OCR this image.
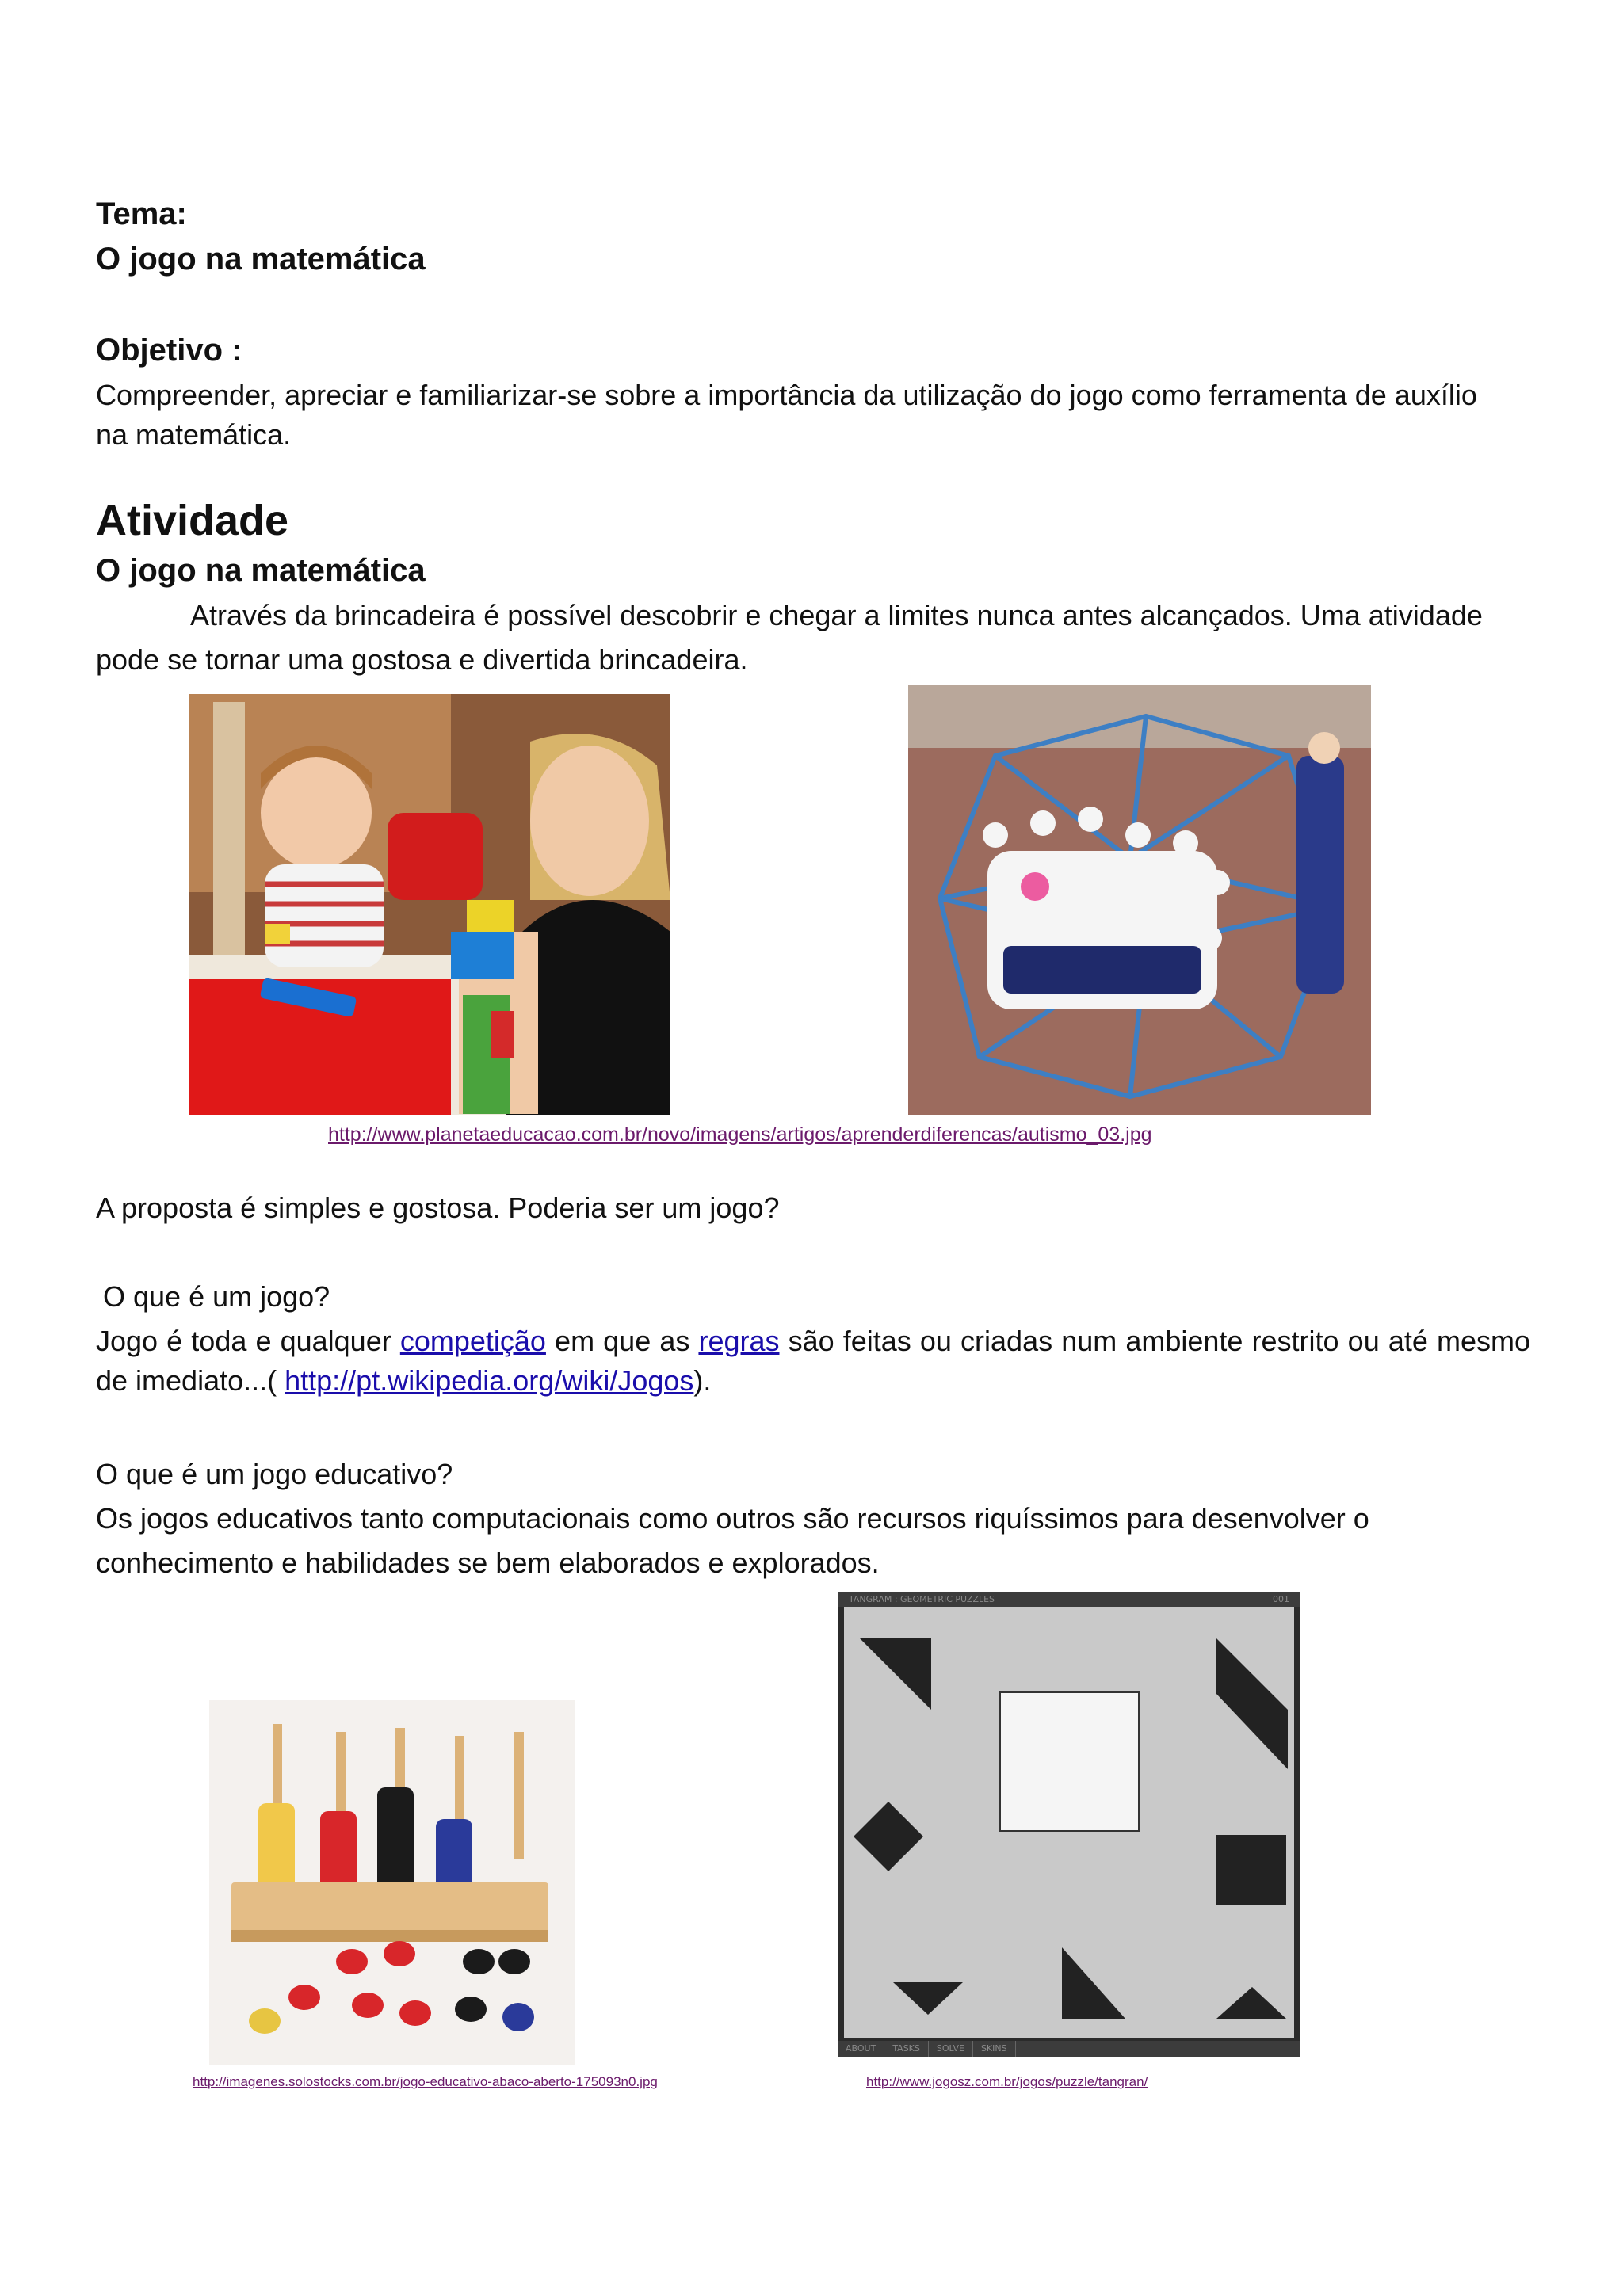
Tema:

O jogo na matemática

Objetivo :

Compreender, apreciar e familiarizar-se sobre a importância da utilização do jogo como ferramenta de auxílio

na matemática.

Atividade

O jogo na matemática

Através da brincadeira é possível descobrir e chegar a limites nunca antes alcançados. Uma atividade

pode se tornar uma gostosa e divertida brincadeira.

http://www.planetaeducacao.com.br/novo/imagens/artigos/aprenderdiferencas/autismo_03.jpg

A proposta é simples e gostosa. Poderia ser um jogo?

O que é um jogo?

Jogo é toda e qualquer competição em que as regras são feitas ou criadas num ambiente restrito ou até mesmo de imediato...( http://pt.wikipedia.org/wiki/Jogos).

O que é um jogo educativo?

Os jogos educativos tanto computacionais como outros são recursos riquíssimos para desenvolver o

conhecimento e habilidades se bem elaborados e explorados.

TANGRAM : GEOMETRIC PUZZLES	001
ABOUT TASKS SOLVE SKINS

http://imagenes.solostocks.com.br/jogo-educativo-abaco-aberto-175093n0.jpg	http://www.jogosz.com.br/jogos/puzzle/tangran/
